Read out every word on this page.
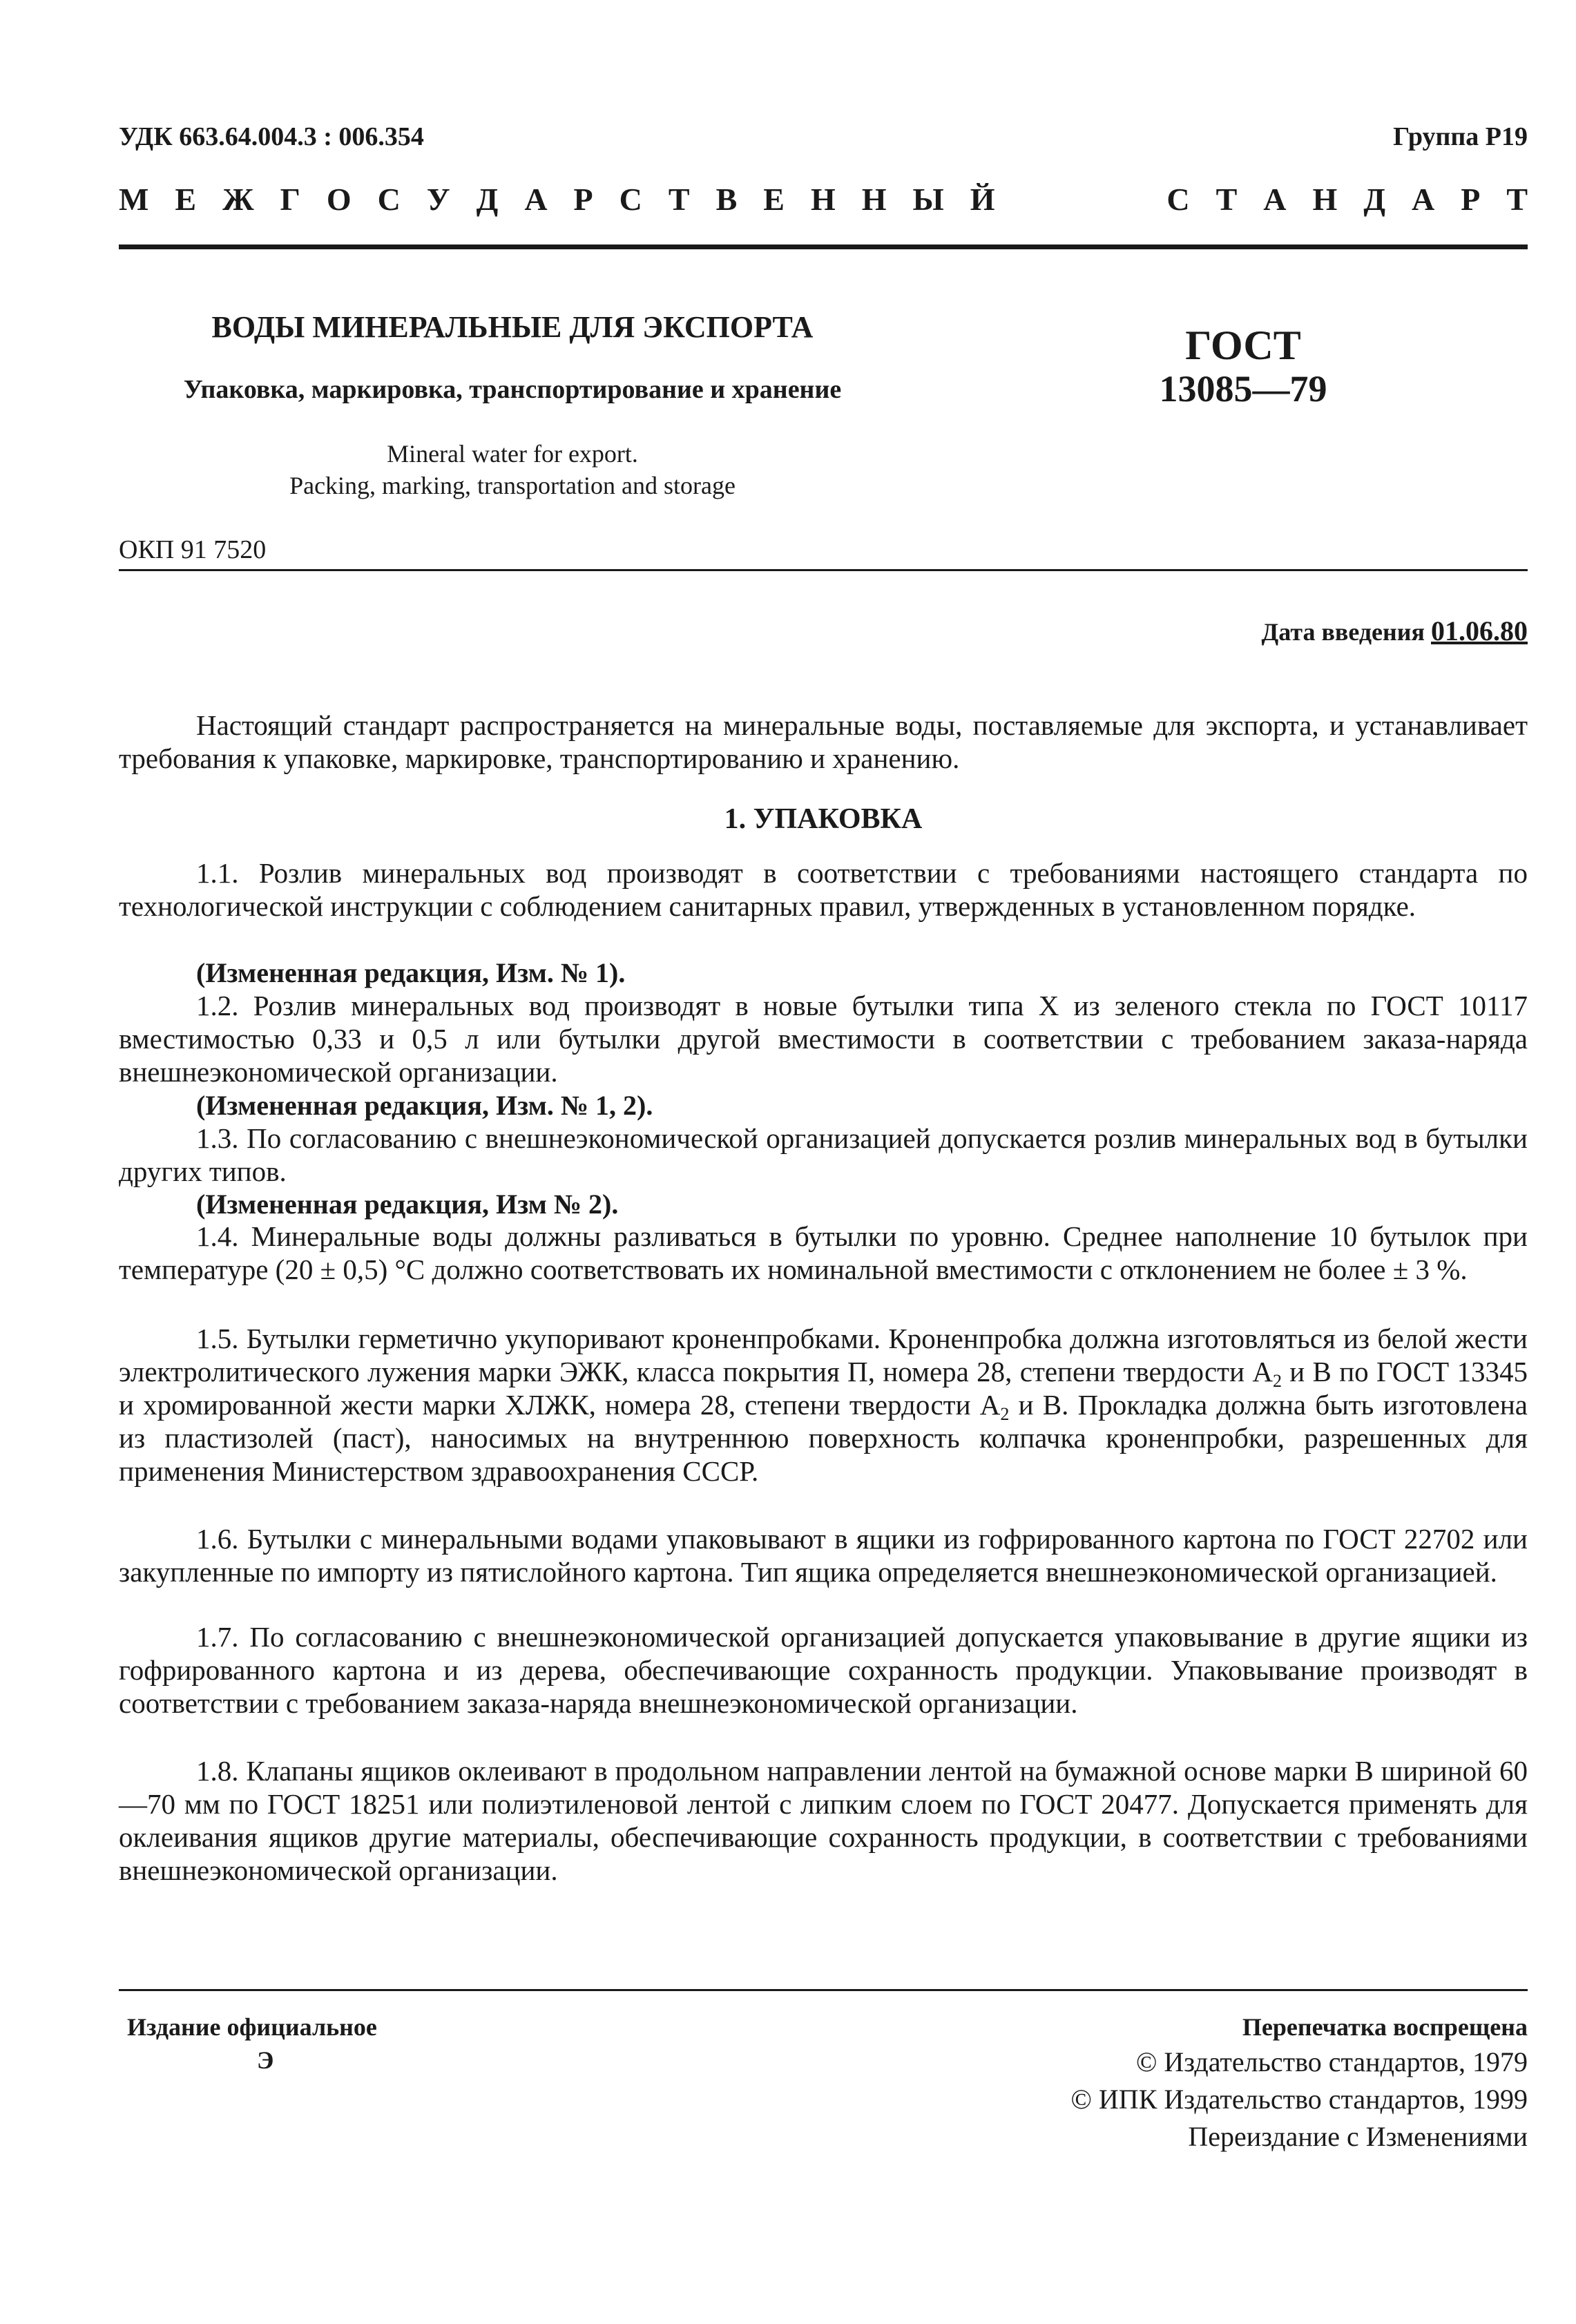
УДК 663.64.004.3 : 006.354	Группа Р19
М Е Ж Г О С У Д А Р С Т В Е Н Н Ы Й	С Т А Н Д А Р Т
ВОДЫ МИНЕРАЛЬНЫЕ ДЛЯ ЭКСПОРТА
Упаковка, маркировка, транспортирование и хранение
ГОСТ
13085—79
Mineral water for export.
Packing, marking, transportation and storage
ОКП 91 7520
Дата введения 01.06.80
Настоящий стандарт распространяется на минеральные воды, поставляемые для экспорта, и устанавливает требования к упаковке, маркировке, транспортированию и хранению.
1. УПАКОВКА
1.1. Розлив минеральных вод производят в соответствии с требованиями настоящего стандарта по технологической инструкции с соблюдением санитарных правил, утвержденных в установленном порядке.
(Измененная редакция, Изм. № 1).
1.2. Розлив минеральных вод производят в новые бутылки типа X из зеленого стекла по ГОСТ 10117 вместимостью 0,33 и 0,5 л или бутылки другой вместимости в соответствии с требованием заказа-наряда внешнеэкономической организации.
(Измененная редакция, Изм. № 1, 2).
1.3. По согласованию с внешнеэкономической организацией допускается розлив минеральных вод в бутылки других типов.
(Измененная редакция, Изм № 2).
1.4. Минеральные воды должны разливаться в бутылки по уровню. Среднее наполнение 10 бутылок при температуре (20 ± 0,5) °С должно соответствовать их номинальной вместимости с отклонением не более ± 3 %.
1.5. Бутылки герметично укупоривают кроненпробками. Кроненпробка должна изготовляться из белой жести электролитического лужения марки ЭЖК, класса покрытия П, номера 28, степени твердости $А_2$ и В по ГОСТ 13345 и хромированной жести марки ХЛЖК, номера 28, степени твердости $А_2$ и В. Прокладка должна быть изготовлена из пластизолей (паст), наносимых на внутреннюю поверхность колпачка кроненпробки, разрешенных для применения Министерством здравоохранения СССР.
1.6. Бутылки с минеральными водами упаковывают в ящики из гофрированного картона по ГОСТ 22702 или закупленные по импорту из пятислойного картона. Тип ящика определяется внешнеэкономической организацией.
1.7. По согласованию с внешнеэкономической организацией допускается упаковывание в другие ящики из гофрированного картона и из дерева, обеспечивающие сохранность продукции. Упаковывание производят в соответствии с требованием заказа-наряда внешнеэкономической организации.
1.8. Клапаны ящиков оклеивают в продольном направлении лентой на бумажной основе марки В шириной 60—70 мм по ГОСТ 18251 или полиэтиленовой лентой с липким слоем по ГОСТ 20477. Допускается применять для оклеивания ящиков другие материалы, обеспечивающие сохранность продукции, в соответствии с требованиями внешнеэкономической организации.
Издание официальное
Э
Перепечатка воспрещена
© Издательство стандартов, 1979
© ИПК Издательство стандартов, 1999
Переиздание с Изменениями
